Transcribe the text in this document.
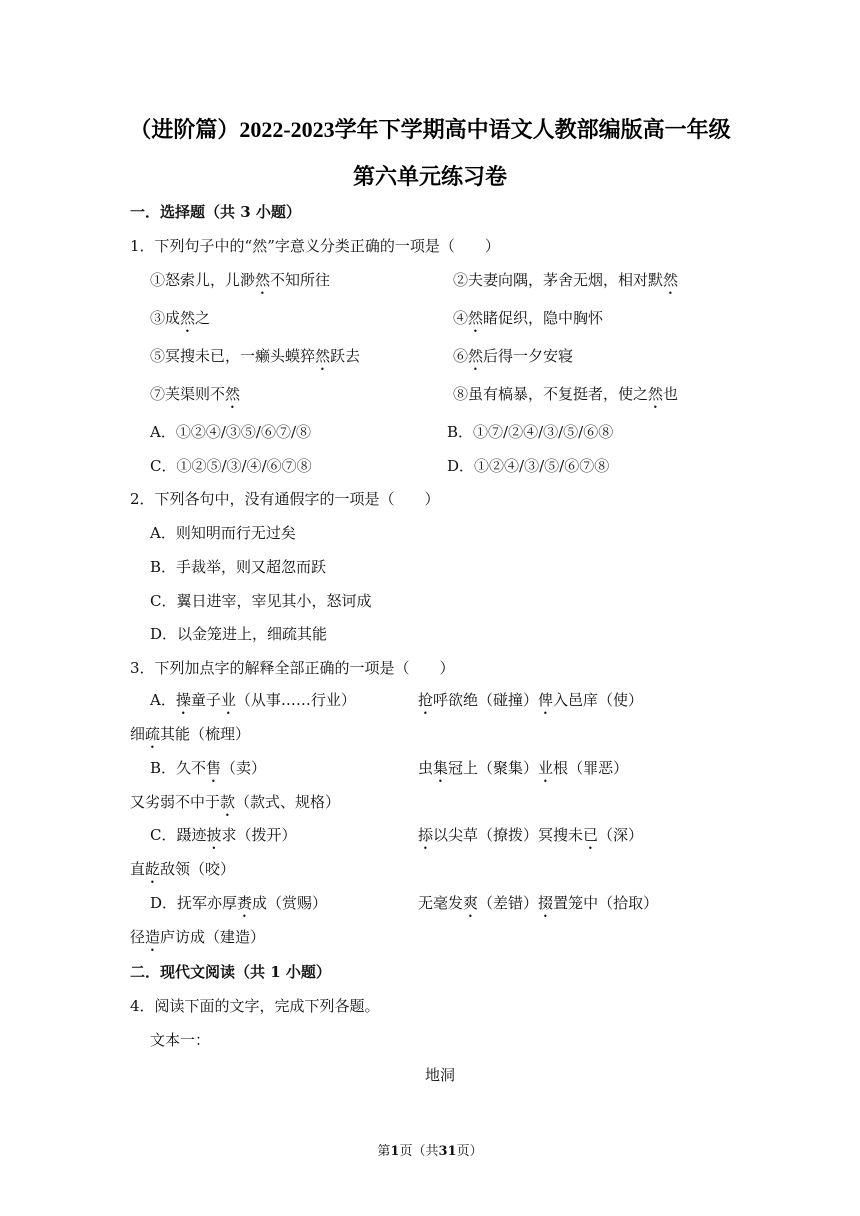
（进阶篇）2022-2023学年下学期高中语文人教部编版高一年级
第六单元练习卷
一．选择题（共 3 小题）
1．下列句子中的“然”字意义分类正确的一项是（　　）
①怒索儿，儿渺然不知所往	②夫妻向隅，茅舍无烟，相对默然
③成然之	④然睹促织，隐中胸怀
⑤冥搜未已，一癞头蟆猝然跃去	⑥然后得一夕安寝
⑦芙渠则不然	⑧虽有槁暴，不复挺者，使之然也
A．①②④/③⑤/⑥⑦/⑧	B．①⑦/②④/③/⑤/⑥⑧
C．①②⑤/③/④/⑥⑦⑧	D．①②④/③/⑤/⑥⑦⑧
2．下列各句中，没有通假字的一项是（　　）
A．则知明而行无过矣
B．手裁举，则又超忽而跃
C．翼日进宰，宰见其小，怒诃成
D．以金笼进上，细疏其能
3．下列加点字的解释全部正确的一项是（　　）
A．操童子业（从事……行业）	抢呼欲绝（碰撞）俾入邑庠（使）
细疏其能（梳理）
B．久不售（卖）	虫集冠上（聚集）业根（罪恶）
又劣弱不中于款（款式、规格）
C．蹑迹披求（拨开）	掭以尖草（撩拨）冥搜未已（深）
直龁敌领（咬）
D．抚军亦厚赉成（赏赐）	无毫发爽（差错）掇置笼中（拾取）
径造庐访成（建造）
二．现代文阅读（共 1 小题）
4．阅读下面的文字，完成下列各题。
文本一：
地洞
第1页（共31页）
